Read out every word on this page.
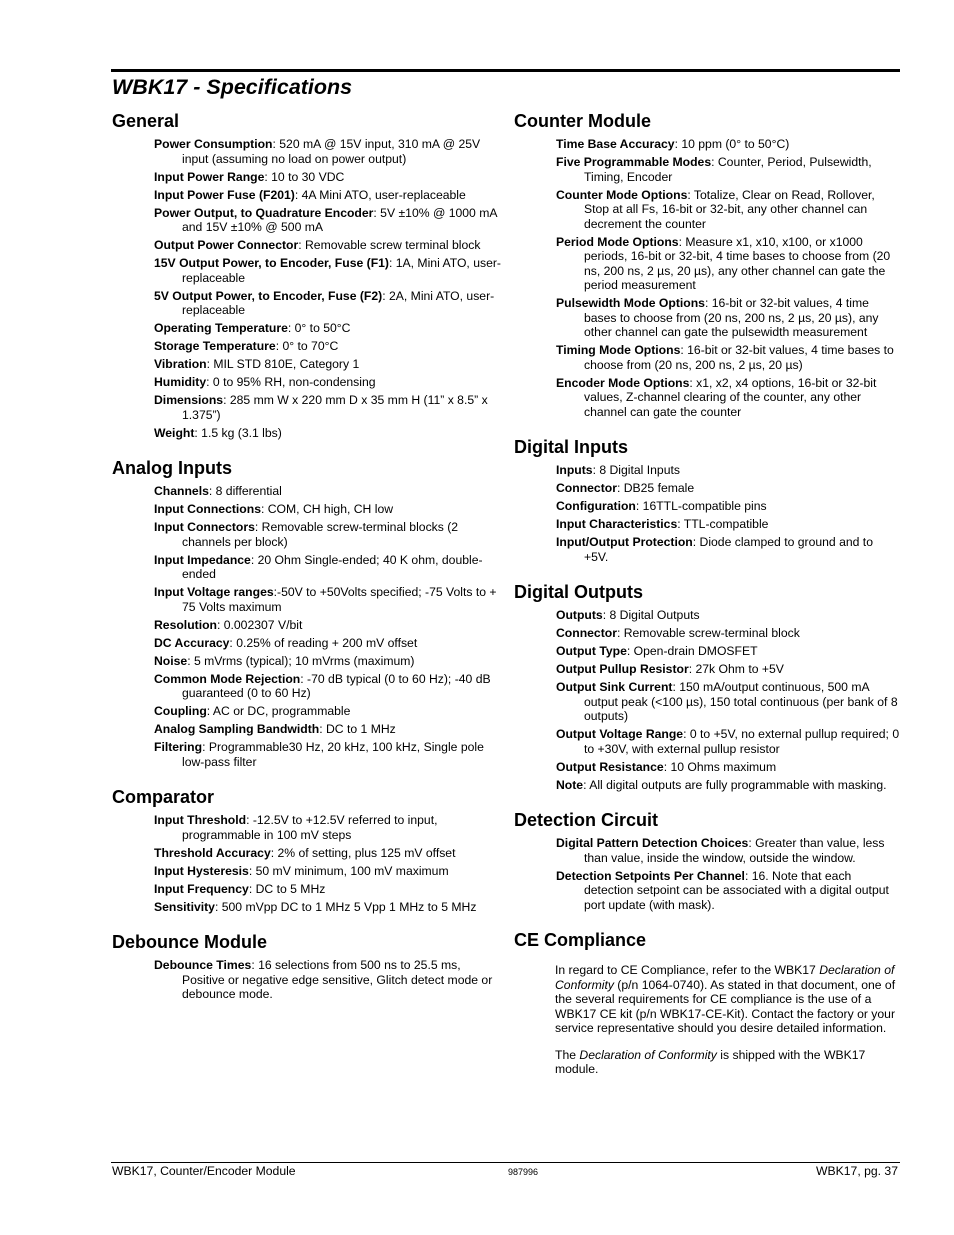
WBK17 - Specifications
General
Power Consumption: 520 mA @ 15V input, 310 mA @ 25V input (assuming no load on power output)
Input Power Range: 10 to 30 VDC
Input Power Fuse (F201): 4A Mini ATO, user-replaceable
Power Output, to Quadrature Encoder: 5V ±10% @ 1000 mA and 15V ±10% @ 500 mA
Output Power Connector: Removable screw terminal block
15V Output Power, to Encoder, Fuse (F1): 1A, Mini ATO, user-replaceable
5V Output Power, to Encoder, Fuse (F2): 2A, Mini ATO, user-replaceable
Operating Temperature: 0° to 50°C
Storage Temperature: 0° to 70°C
Vibration: MIL STD 810E, Category 1
Humidity: 0 to 95% RH, non-condensing
Dimensions: 285 mm W x 220 mm D x 35 mm H (11” x 8.5” x 1.375”)
Weight: 1.5 kg (3.1 lbs)
Analog Inputs
Channels: 8 differential
Input Connections: COM, CH high, CH low
Input Connectors: Removable screw-terminal blocks (2 channels per block)
Input Impedance: 20 Ohm Single-ended; 40 K ohm, double-ended
Input Voltage ranges:-50V to +50Volts specified; -75 Volts to + 75 Volts maximum
Resolution: 0.002307 V/bit
DC Accuracy: 0.25% of reading + 200 mV offset
Noise: 5 mVrms (typical); 10 mVrms (maximum)
Common Mode Rejection: -70 dB typical (0 to 60 Hz); -40 dB guaranteed (0 to 60 Hz)
Coupling: AC or DC, programmable
Analog Sampling Bandwidth: DC to 1 MHz
Filtering: Programmable30 Hz, 20 kHz, 100 kHz, Single pole low-pass filter
Comparator
Input Threshold: -12.5V to +12.5V referred to input, programmable in 100 mV steps
Threshold Accuracy: 2% of setting, plus 125 mV offset
Input Hysteresis: 50 mV minimum, 100 mV maximum
Input Frequency: DC to 5 MHz
Sensitivity: 500 mVpp DC to 1 MHz 5 Vpp 1 MHz to 5 MHz
Debounce Module
Debounce Times: 16 selections from 500 ns to 25.5 ms, Positive or negative edge sensitive, Glitch detect mode or debounce mode.
Counter Module
Time Base Accuracy: 10 ppm (0° to 50°C)
Five Programmable Modes: Counter, Period, Pulsewidth, Timing, Encoder
Counter Mode Options: Totalize, Clear on Read, Rollover, Stop at all Fs, 16-bit or 32-bit, any other channel can decrement the counter
Period Mode Options: Measure x1, x10, x100, or x1000 periods, 16-bit or 32-bit, 4 time bases to choose from (20 ns, 200 ns, 2 µs, 20 µs), any other channel can gate the period measurement
Pulsewidth Mode Options: 16-bit or 32-bit values, 4 time bases to choose from (20 ns, 200 ns, 2 µs, 20 µs), any other channel can gate the pulsewidth measurement
Timing Mode Options: 16-bit or 32-bit values, 4 time bases to choose from (20 ns, 200 ns, 2 µs, 20 µs)
Encoder Mode Options: x1, x2, x4 options, 16-bit or 32-bit values, Z-channel clearing of the counter, any other channel can gate the counter
Digital Inputs
Inputs: 8 Digital Inputs
Connector: DB25 female
Configuration: 16TTL-compatible pins
Input Characteristics: TTL-compatible
Input/Output Protection: Diode clamped to ground and to +5V.
Digital Outputs
Outputs: 8 Digital Outputs
Connector: Removable screw-terminal block
Output Type: Open-drain DMOSFET
Output Pullup Resistor: 27k Ohm to +5V
Output Sink Current: 150 mA/output continuous, 500 mA output peak (<100 µs), 150 total continuous (per bank of 8 outputs)
Output Voltage Range: 0 to +5V, no external pullup required; 0 to +30V, with external pullup resistor
Output Resistance: 10 Ohms maximum
Note: All digital outputs are fully programmable with masking.
Detection Circuit
Digital Pattern Detection Choices: Greater than value, less than value, inside the window, outside the window.
Detection Setpoints Per Channel: 16. Note that each detection setpoint can be associated with a digital output port update (with mask).
CE Compliance

In regard to CE Compliance, refer to the WBK17 Declaration of Conformity (p/n 1064-0740). As stated in that document, one of the several requirements for CE compliance is the use of a WBK17 CE kit (p/n WBK17-CE-Kit). Contact the factory or your service representative should you desire detailed information.

The Declaration of Conformity is shipped with the WBK17 module.

WBK17, Counter/Encoder Module	987996	WBK17, pg. 37
